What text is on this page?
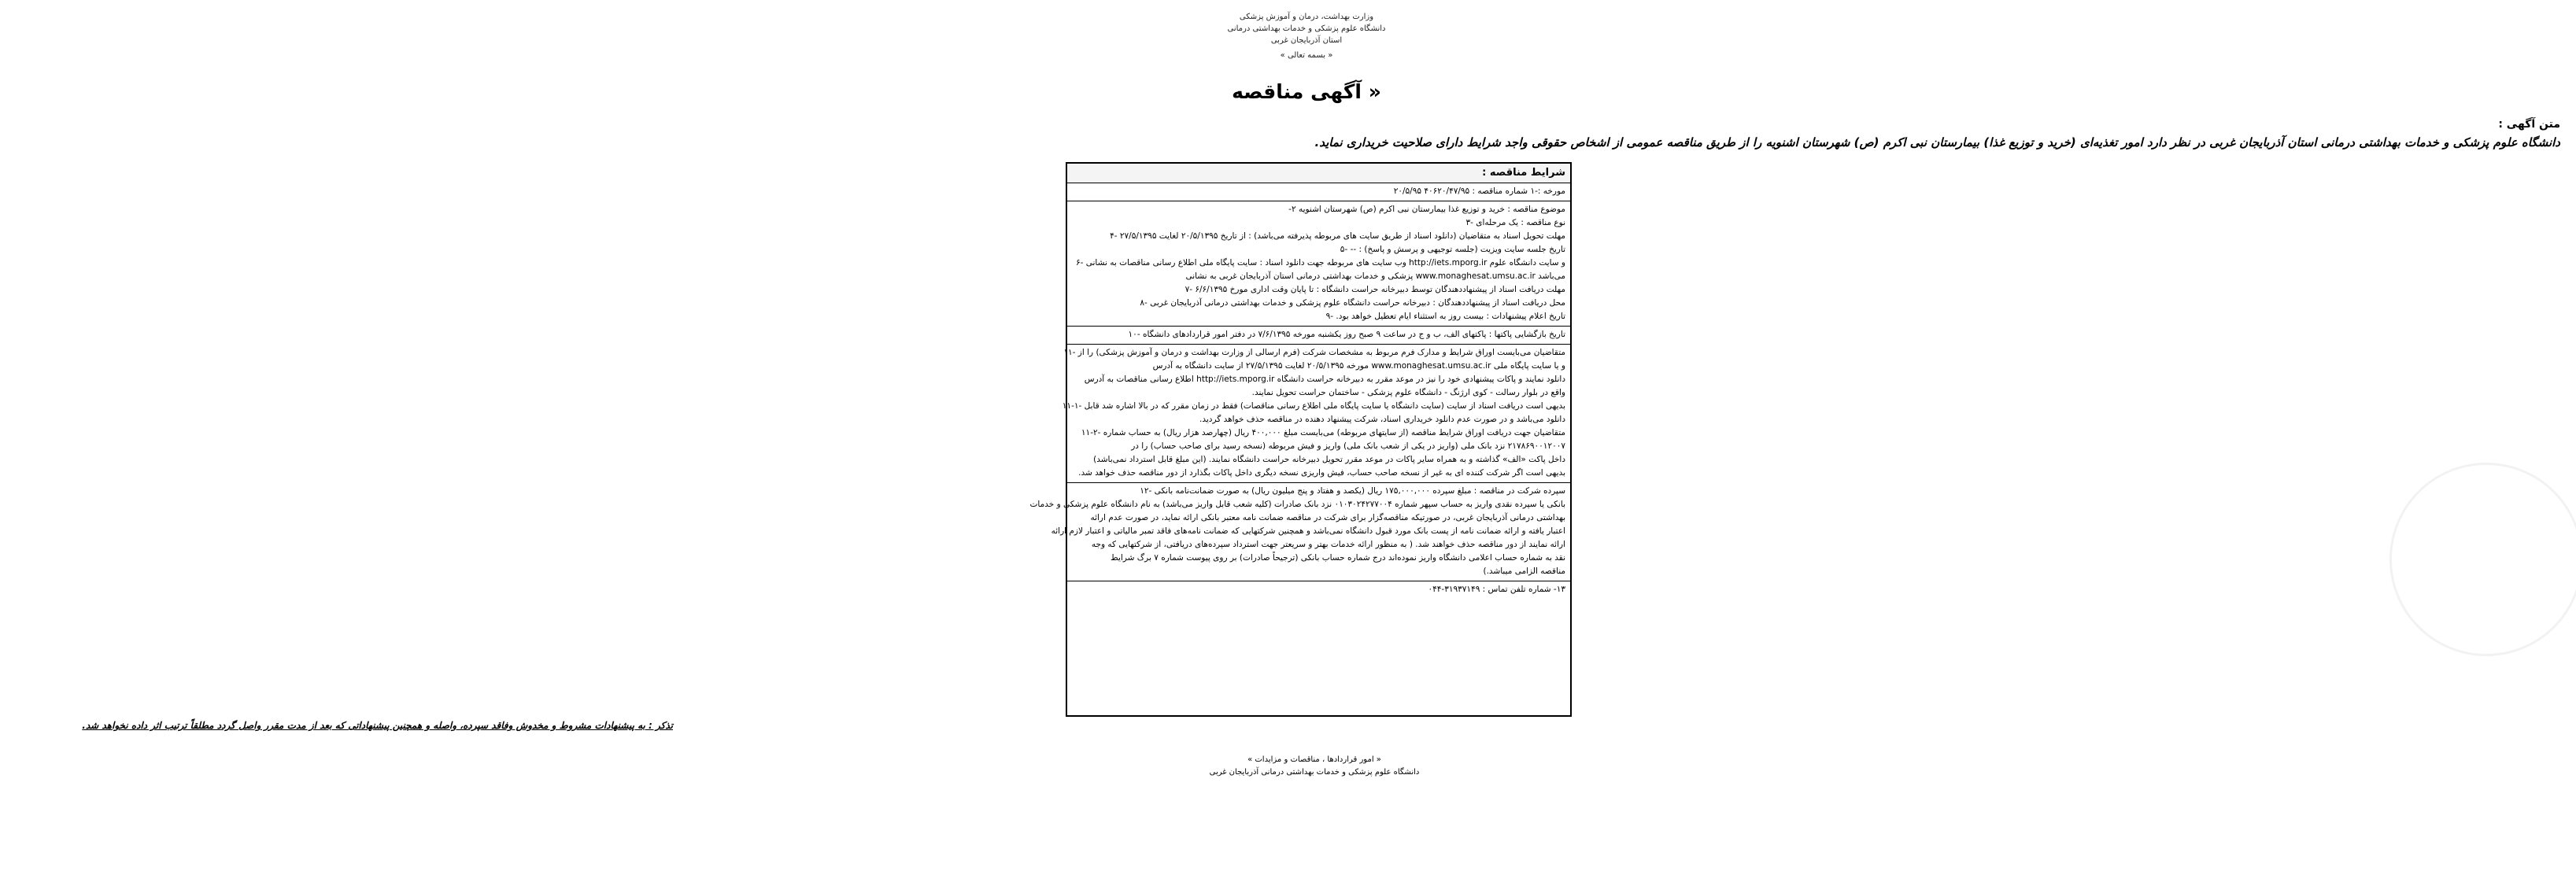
وزارت بهداشت، درمان و آموزش پزشکی
دانشگاه علوم پزشکی و خدمات بهداشتی درمانی
استان آذربایجان غربی
« بسمه تعالی »
« آگهی مناقصه
متن آگهی :
دانشگاه علوم پزشکی و خدمات بهداشتی درمانی استان آذربایجان غربی در نظر دارد امور تغذیه‌ای (خرید و توزیع غذا) بیمارستان نبی اکرم (ص) شهرستان اشنویه را از طریق مناقصه عمومی از اشخاص حقوقی واجد شرایط دارای صلاحیت خریداری نماید.
شرایط مناقصه :
مورخه :-۱ شماره مناقصه : ۴۰۶۲۰/۴۷/۹۵ ۲۰/۵/۹۵
موضوع مناقصه : خرید و توزیع غذا بیمارستان نبی اکرم (ص) شهرستان اشنویه ۲-
نوع مناقصه : یک مرحله‌ای -۳
مهلت تحویل اسناد به متقاضیان (دانلود اسناد از طریق سایت های مربوطه پذیرفته می‌باشد) : از تاریخ ۲۰/۵/۱۳۹۵ لغایت ۲۷/۵/۱۳۹۵ -۴
تاریخ جلسه سایت ویزیت (جلسه توجیهی و پرسش و پاسخ) : -- -۵
و سایت دانشگاه علوم http://iets.mporg.ir وب سایت های مربوطه جهت دانلود اسناد : سایت پایگاه ملی اطلاع رسانی مناقصات به نشانی -۶
می‌باشد www.monaghesat.umsu.ac.ir پزشکی و خدمات بهداشتی درمانی استان آذربایجان غربی به نشانی
مهلت دریافت اسناد از پیشنهاددهندگان توسط دبیرخانه حراست دانشگاه : تا پایان وقت اداری مورخ ۶/۶/۱۳۹۵ -۷
محل دریافت اسناد از پیشنهاددهندگان : دبیرخانه حراست دانشگاه علوم پزشکی و خدمات بهداشتی درمانی آذربایجان غربی -۸
تاریخ اعلام پیشنهادات : بیست روز به استثناء ایام تعطیل خواهد بود. -۹
تاریخ بازگشایی پاکتها : پاکتهای الف، ب و ج در ساعت ۹ صبح روز یکشنبه مورخه ۷/۶/۱۳۹۵ در دفتر امور قراردادهای دانشگاه -۱۰
متقاضیان می‌بایست اوراق شرایط و مدارک فرم مربوط به مشخصات شرکت (فرم ارسالی از وزارت بهداشت و درمان و آموزش پزشکی) را از -۱۱
و یا سایت پایگاه ملی www.monaghesat.umsu.ac.ir مورخه ۲۰/۵/۱۳۹۵ لغایت ۲۷/۵/۱۳۹۵ از سایت دانشگاه به آدرس
دانلود نمایند و پاکات پیشنهادی خود را نیز در موعد مقرر به دبیرخانه حراست دانشگاه http://iets.mporg.ir اطلاع رسانی مناقصات به آدرس
واقع در بلوار رسالت - کوی ارژنگ - دانشگاه علوم پزشکی - ساختمان حراست تحویل نمایند.
بدیهی است دریافت اسناد از سایت (سایت دانشگاه یا سایت پایگاه ملی اطلاع رسانی مناقصات) فقط در زمان مقرر که در بالا اشاره شد قابل -۱-۱۱
دانلود می‌باشد و در صورت عدم دانلود خریداری اسناد، شرکت پیشنهاد دهنده در مناقصه حذف خواهد گردید.
متقاضیان جهت دریافت اوراق شرایط مناقصه (از سایتهای مربوطه) می‌بایست مبلغ ۴۰۰,۰۰۰ ریال (چهارصد هزار ریال) به حساب شماره -۲-۱۱
۲۱۷۸۶۹۰۰۱۲۰۰۷ نزد بانک ملی (واریز در یکی از شعب بانک ملی) واریز و فیش مربوطه (نسخه رسید برای صاحب حساب) را در
داخل پاکت «الف» گذاشته و به همراه سایر پاکات در موعد مقرر تحویل دبیرخانه حراست دانشگاه نمایند. (این مبلغ قابل استرداد نمی‌باشد)
بدیهی است اگر شرکت کننده ای به غیر از نسخه صاحب حساب، فیش واریزی نسخه دیگری داخل پاکات بگذارد از دور مناقصه حذف خواهد شد.
سپرده شرکت در مناقصه : مبلغ سپرده ۱۷۵,۰۰۰,۰۰۰ ریال (یکصد و هفتاد و پنج میلیون ریال) به صورت ضمانت‌نامه بانکی -۱۲
بانکی یا سپرده نقدی واریز به حساب سپهر شماره ۰۱۰۳۰۲۴۲۷۷۰۰۴ نزد بانک صادرات (کلیه شعب قابل واریز می‌باشد) به نام دانشگاه علوم پزشکی و خدمات
بهداشتی درمانی آذربایجان غربی، در صورتیکه مناقصه‌گزار برای شرکت در مناقصه ضمانت نامه معتبر بانکی ارائه نماید، در صورت عدم ارائه
اعتبار یافته و ارائه ضمانت نامه از پست بانک مورد قبول دانشگاه نمی‌باشد و همچنین شرکتهایی که ضمانت نامه‌های فاقد تمبر مالیاتی و اعتبار لازم ارائه
ارائه نمایند از دور مناقصه حذف خواهند شد. ( به منظور ارائه خدمات بهتر و سریعتر جهت استرداد سپرده‌های دریافتی، از شرکتهایی که وجه
نقد به شماره حساب اعلامی دانشگاه واریز نموده‌اند درج شماره حساب بانکی (ترجیحاً صادرات) بر روی پیوست شماره ۷ برگ شرایط
مناقصه الزامی میباشد.)
۱۳- شماره تلفن تماس : ۳۱۹۳۷۱۴۹-۰۴۴
تذکر : به پیشنهادات مشروط و مخدوش وفاقد سپرده، واصله و همچنین پیشنهاداتی که بعد از مدت مقرر واصل گردد مطلقاً ترتیب اثر داده نخواهد شد.
« امور قراردادها ، مناقصات و مزایدات »
دانشگاه علوم پزشکی و خدمات بهداشتی درمانی آذربایجان غربی
